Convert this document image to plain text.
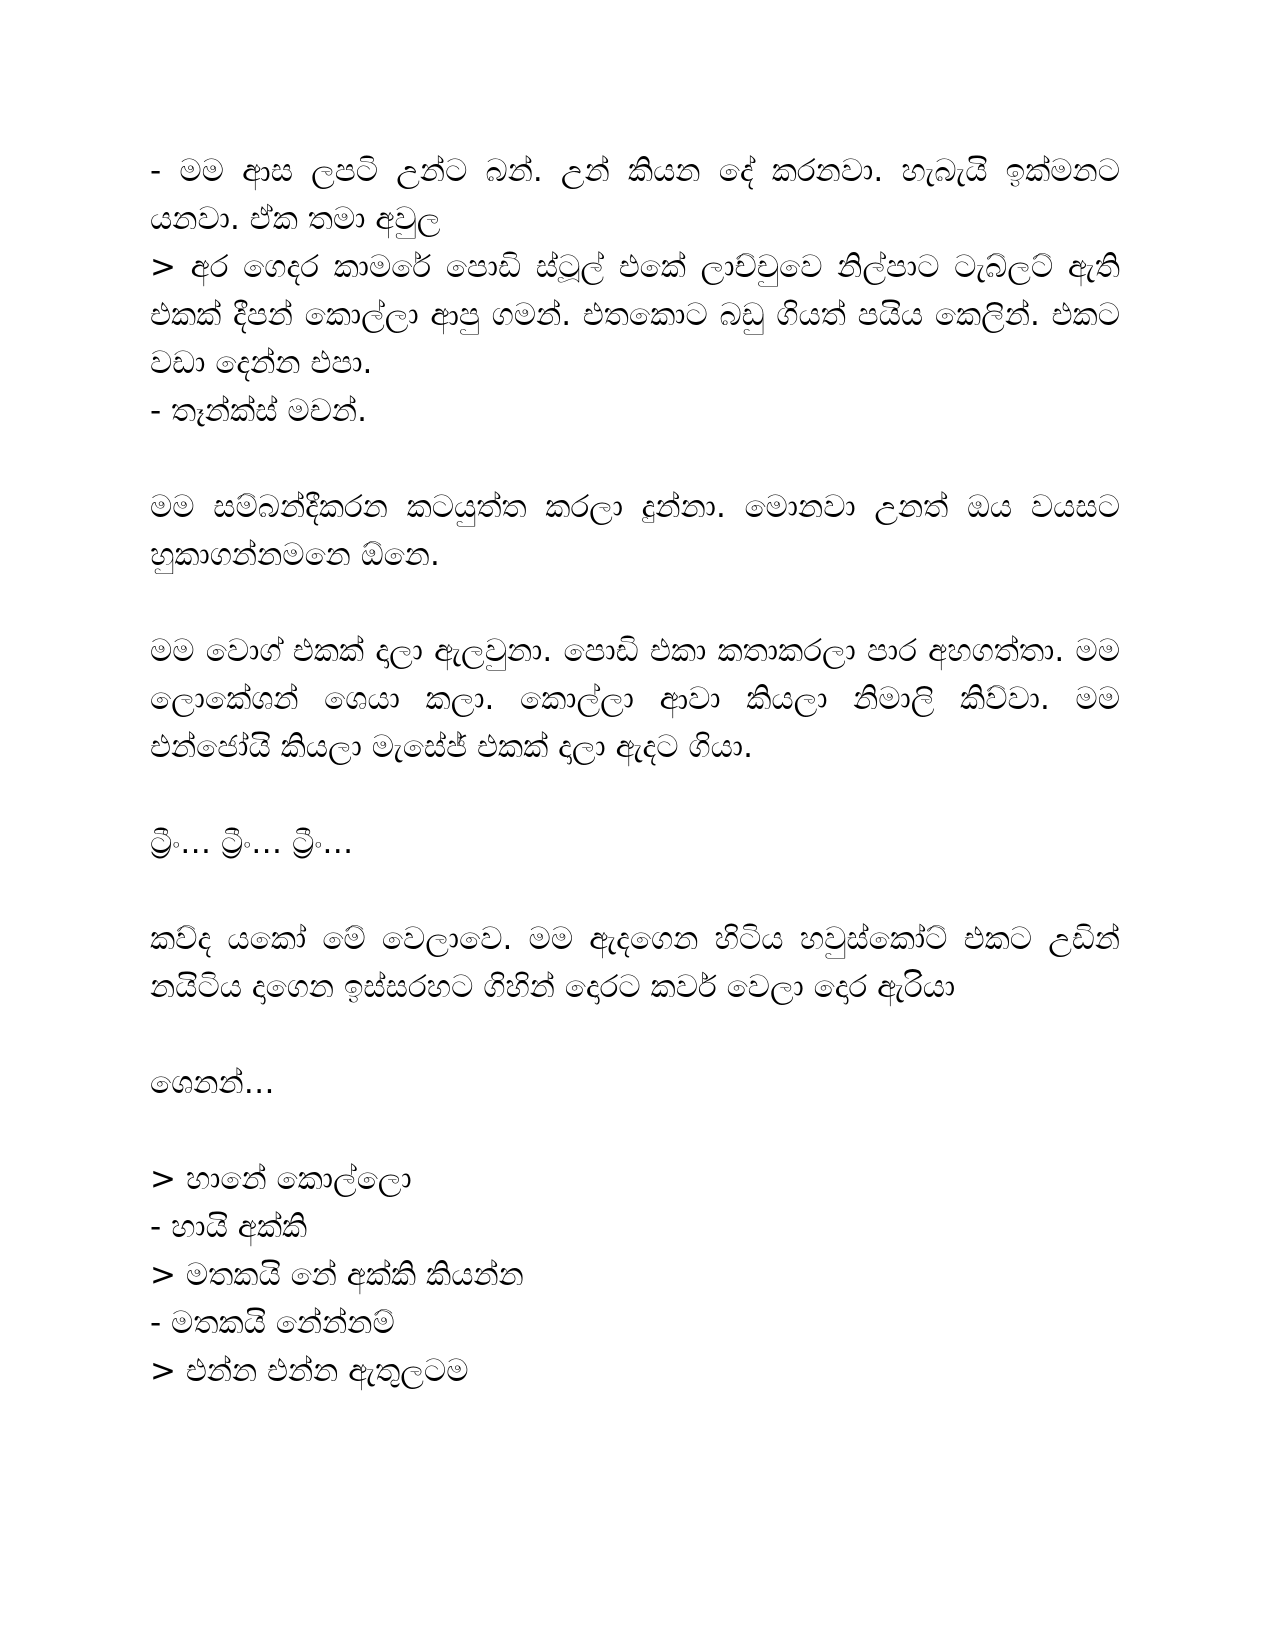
- මම ආස ලපටි උන්ට බන්. උන් කියන දේ කරනවා. හැබැයි ඉක්මනට යනවා. ඒක තමා අවුල

> අර ගෙදර කාමරේ පොඩි ස්ටූල් එකේ ලාච්චුවෙ නිල්පාට ටැබ්ලට් ඇති එකක් දීපන් කොල්ලා ආපු ගමන්. එතකොට බඩු ගියත් පයිය කෙලින්. එකට වඩා දෙන්න එපා.

- තෑන්ක්ස් මචන්.

මම සම්බන්දීකරන කටයුත්ත කරලා දුන්නා. මොනවා උනත් ඔය වයසට හුකාගන්නමනෙ ඕනෙ.

මම වොග් එකක් දාලා ඇලවුනා. පොඩි එකා කතාකරලා පාර අහගත්තා. මම ලොකේශන් ශෙයා කලා. කොල්ලා ආවා කියලා නිමාලි කිව්වා. මම එන්ජෝයි කියලා මැසේජ් එකක් දාලා ඇදට ගියා.

ට්‍රීං… ට්‍රීං… ට්‍රීං…

කව්ද යකෝ මේ වෙලාවෙ. මම ඇදගෙන හිටිය හවුස්කෝට් එකට උඩින් නයිටිය දාගෙන ඉස්සරහට ගිහින් දොරට කවර් වෙලා දොර ඇරියා

ශෙනන්…

> හානේ කොල්ලො

- හායි අක්කි

> මතකයි නේ අක්කි කියන්න

- මතකයි නේන්නම්

> එන්න එන්න ඇතුලටම
